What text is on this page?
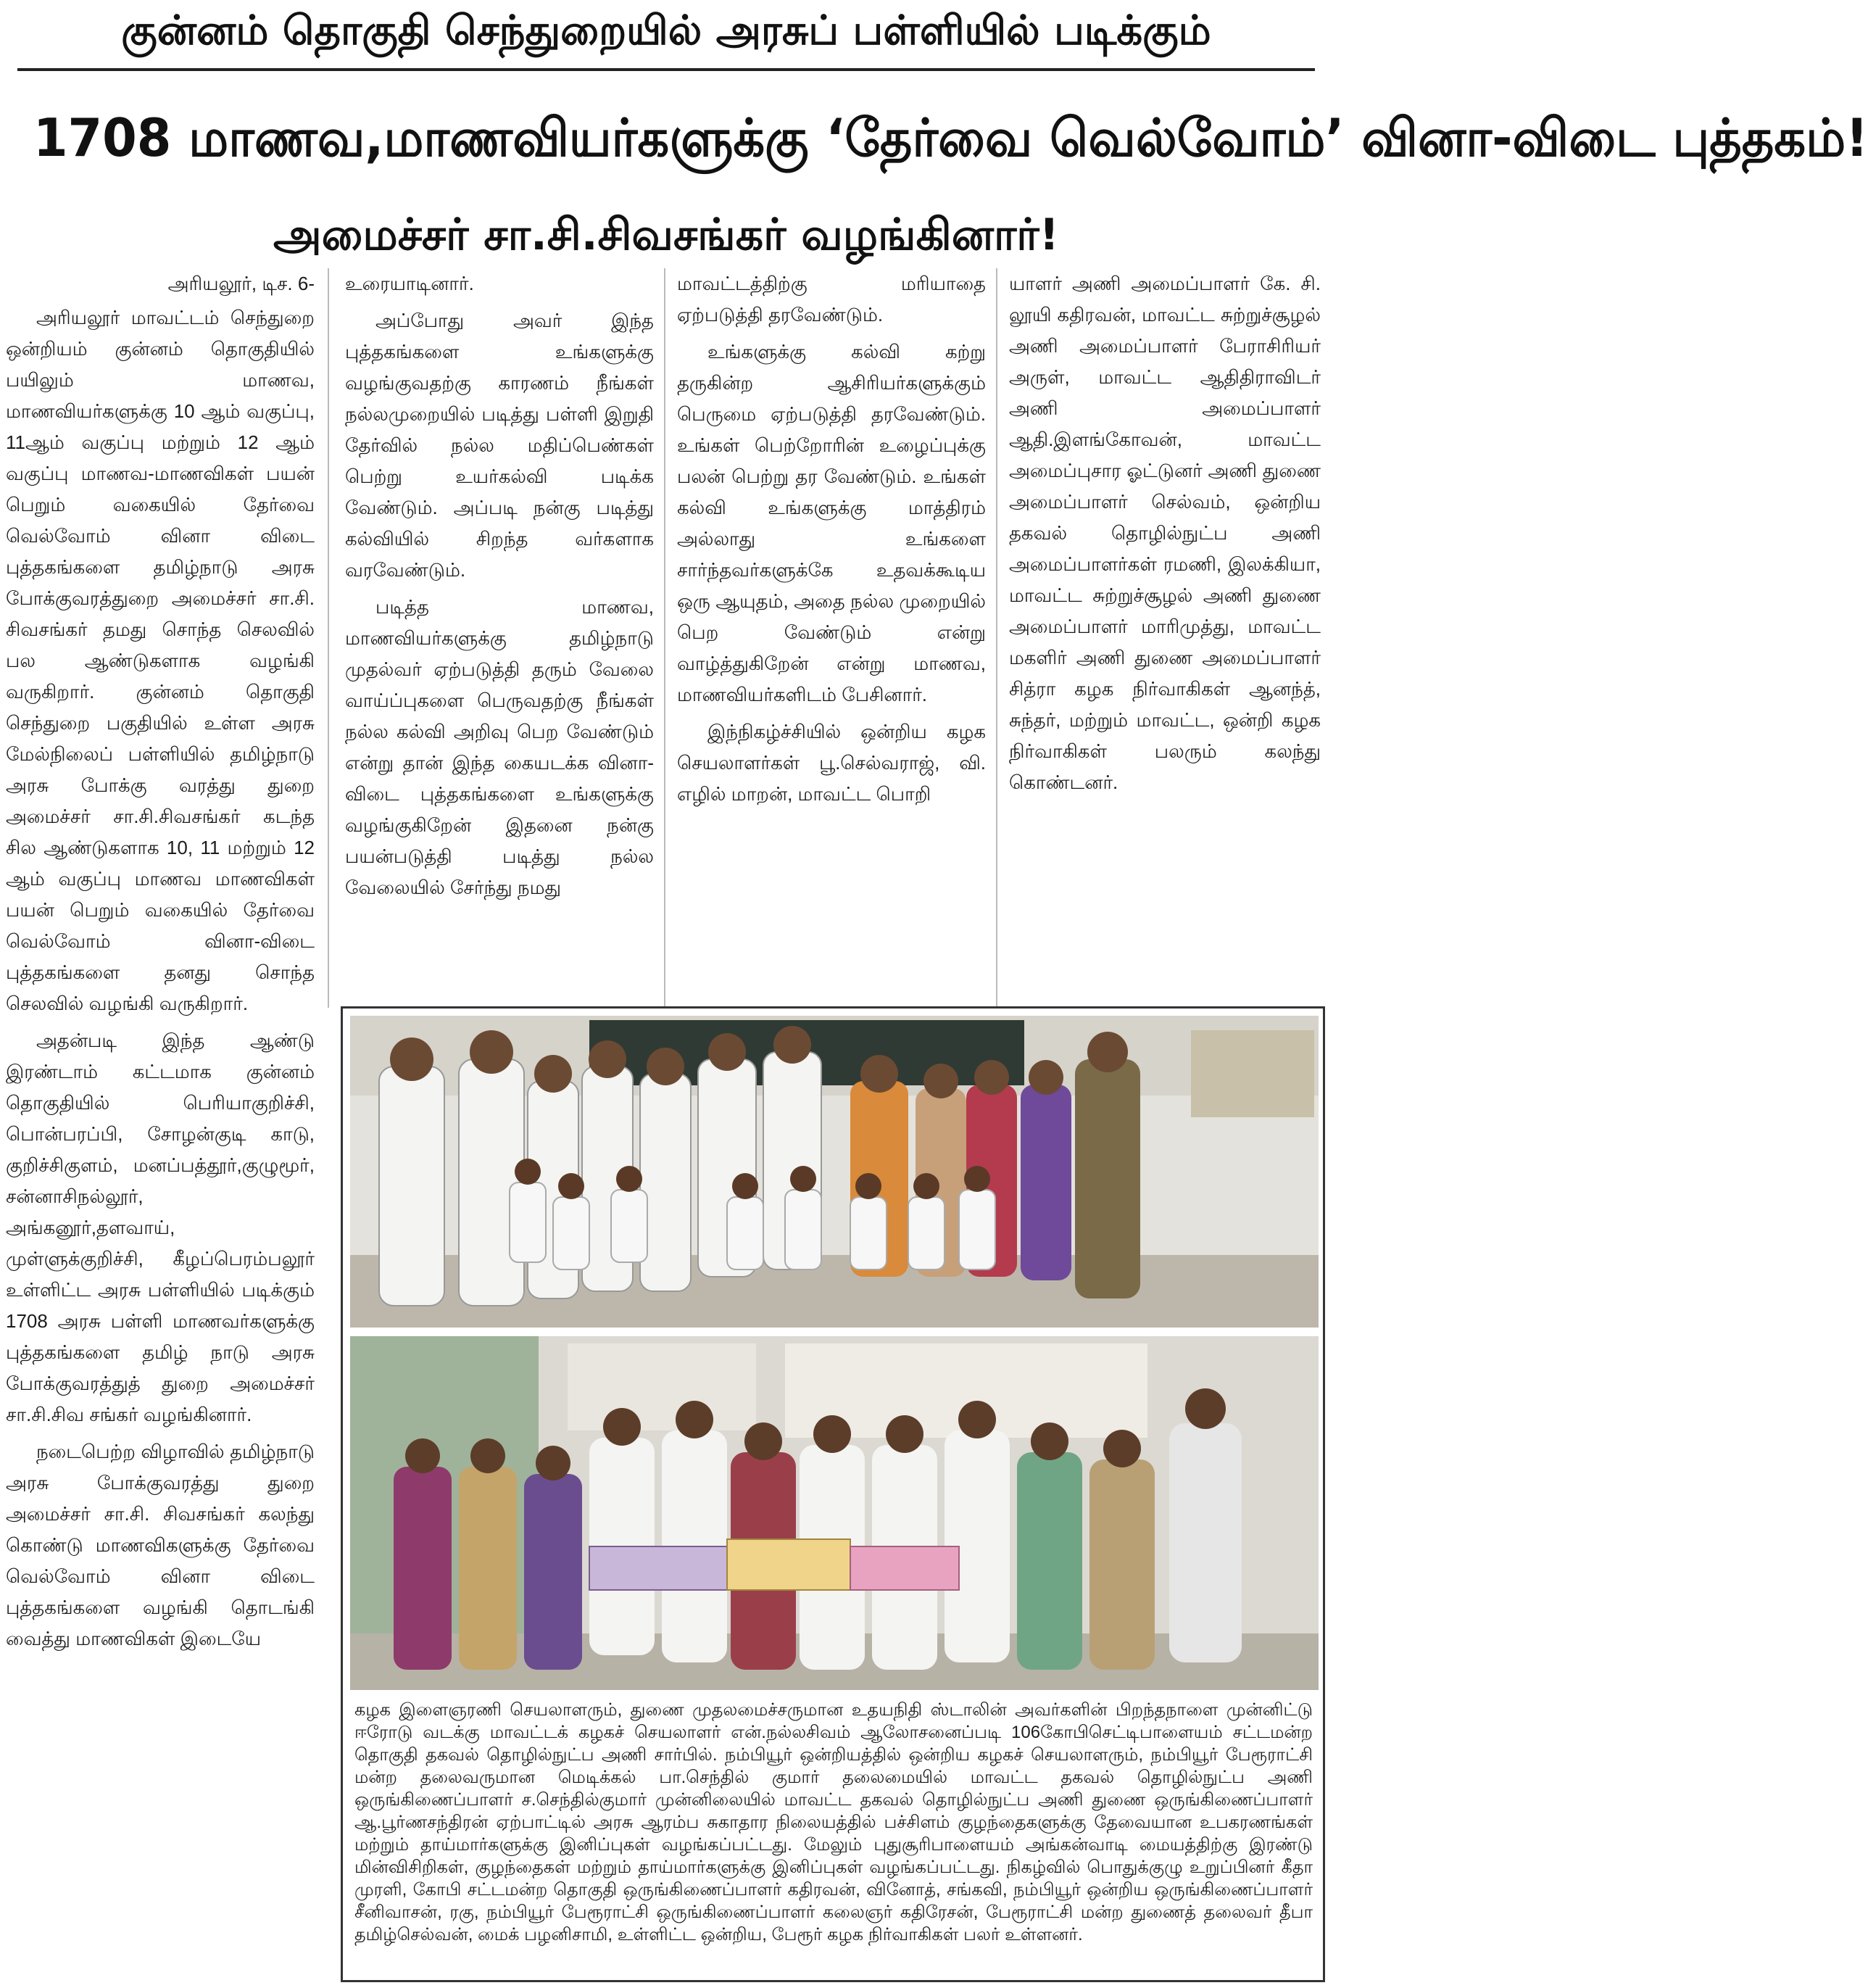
குன்னம் தொகுதி செந்துறையில் அரசுப் பள்ளியில் படிக்கும்
1708 மாணவ,மாணவியர்களுக்கு ‘தேர்வை வெல்வோம்’ வினா-விடை புத்தகம்!
அமைச்சர் சா.சி.சிவசங்கர் வழங்கினார்!

அரியலூர், டிச. 6-

அரியலூர் மாவட்டம் செந்துறை ஒன்றியம் குன்னம் தொகுதியில் பயிலும் மாணவ, மாணவியர்களுக்கு 10 ஆம் வகுப்பு, 11ஆம் வகுப்பு மற்றும் 12 ஆம் வகுப்பு மாணவ-மாணவிகள் பயன் பெறும் வகையில் தேர்வை வெல்வோம் வினா விடை புத்தகங்களை தமிழ்நாடு அரசு போக்குவரத்துறை அமைச்சர் சா.சி. சிவசங்கர் தமது சொந்த செலவில் பல ஆண்டுகளாக வழங்கி வருகிறார். குன்னம் தொகுதி செந்துறை பகுதியில் உள்ள அரசு மேல்நிலைப் பள்ளியில் தமிழ்நாடு அரசு போக்கு வரத்து துறை அமைச்சர் சா.சி.சிவசங்கர் கடந்த சில ஆண்டுகளாக 10, 11 மற்றும் 12 ஆம் வகுப்பு மாணவ மாணவிகள் பயன் பெறும் வகையில் தேர்வை வெல்வோம் வினா-விடை புத்தகங்களை தனது சொந்த செலவில் வழங்கி வருகிறார்.

அதன்படி இந்த ஆண்டு இரண்டாம் கட்டமாக குன்னம் தொகுதியில் பெரியாகுறிச்சி, பொன்பரப்பி, சோழன்குடி காடு, குறிச்சிகுளம், மனப்பத்தூர்,குழுமூர், சன்னாசிநல்லூர், அங்கனூர்,தளவாய், முள்ளுக்குறிச்சி, கீழப்பெரம்பலூர் உள்ளிட்ட அரசு பள்ளியில் படிக்கும் 1708 அரசு பள்ளி மாணவர்களுக்கு புத்தகங்களை தமிழ் நாடு அரசு போக்குவரத்துத் துறை அமைச்சர் சா.சி.சிவ சங்கர் வழங்கினார்.

நடைபெற்ற விழாவில் தமிழ்நாடு அரசு போக்குவரத்து துறை அமைச்சர் சா.சி. சிவசங்கர் கலந்து கொண்டு மாணவிகளுக்கு தேர்வை வெல்வோம் வினா விடை புத்தகங்களை வழங்கி தொடங்கி வைத்து மாணவிகள் இடையே

உரையாடினார்.

அப்போது அவர் இந்த புத்தகங்களை உங்களுக்கு வழங்குவதற்கு காரணம் நீங்கள் நல்லமுறையில் படித்து பள்ளி இறுதி தேர்வில் நல்ல மதிப்பெண்கள் பெற்று உயர்கல்வி படிக்க வேண்டும். அப்படி நன்கு படித்து கல்வியில் சிறந்த வர்களாக வரவேண்டும்.

படித்த மாணவ, மாணவியர்களுக்கு தமிழ்நாடு முதல்வர் ஏற்படுத்தி தரும் வேலை வாய்ப்புகளை பெருவதற்கு நீங்கள் நல்ல கல்வி அறிவு பெற வேண்டும் என்று தான் இந்த கையடக்க வினா-விடை புத்தகங்களை உங்களுக்கு வழங்குகிறேன் இதனை நன்கு பயன்படுத்தி படித்து நல்ல வேலையில் சேர்ந்து நமது

மாவட்டத்திற்கு மரியாதை ஏற்படுத்தி தரவேண்டும்.

உங்களுக்கு கல்வி கற்று தருகின்ற ஆசிரியர்களுக்கும் பெருமை ஏற்படுத்தி தரவேண்டும். உங்கள் பெற்றோரின் உழைப்புக்கு பலன் பெற்று தர வேண்டும். உங்கள் கல்வி உங்களுக்கு மாத்திரம் அல்லாது உங்களை சார்ந்தவர்களுக்கே உதவக்கூடிய ஒரு ஆயுதம், அதை நல்ல முறையில் பெற வேண்டும் என்று வாழ்த்துகிறேன் என்று மாணவ, மாணவியர்களிடம் பேசினார்.

இந்நிகழ்ச்சியில் ஒன்றிய கழக செயலாளர்கள் பூ.செல்வராஜ், வி. எழில் மாறன், மாவட்ட பொறி

யாளர் அணி அமைப்பாளர் கே. சி. லூயி கதிரவன், மாவட்ட சுற்றுச்சூழல் அணி அமைப்பாளர் பேராசிரியர் அருள், மாவட்ட ஆதிதிராவிடர் அணி அமைப்பாளர் ஆதி.இளங்கோவன், மாவட்ட அமைப்புசார ஓட்டுனர் அணி துணை அமைப்பாளர் செல்வம், ஒன்றிய தகவல் தொழில்நுட்ப அணி அமைப்பாளர்கள் ரமணி, இலக்கியா, மாவட்ட சுற்றுச்சூழல் அணி துணை அமைப்பாளர் மாரிமுத்து, மாவட்ட மகளிர் அணி துணை அமைப்பாளர் சித்ரா கழக நிர்வாகிகள் ஆனந்த், சுந்தர், மற்றும் மாவட்ட, ஒன்றி கழக நிர்வாகிகள் பலரும் கலந்து கொண்டனர்.

கழக இளைஞரணி செயலாளரும், துணை முதலமைச்சருமான உதயநிதி ஸ்டாலின் அவர்களின் பிறந்தநாளை முன்னிட்டு ஈரோடு வடக்கு மாவட்டக் கழகச் செயலாளர் என்.நல்லசிவம் ஆலோசனைப்படி 106கோபிசெட்டிபாளையம் சட்டமன்ற தொகுதி தகவல் தொழில்நுட்ப அணி சார்பில். நம்பியூர் ஒன்றியத்தில் ஒன்றிய கழகச் செயலாளரும், நம்பியூர் பேரூராட்சி மன்ற தலைவருமான மெடிக்கல் பா.செந்தில் குமார் தலைமையில் மாவட்ட தகவல் தொழில்நுட்ப அணி ஒருங்கிணைப்பாளர் ச.செந்தில்குமார் முன்னிலையில் மாவட்ட தகவல் தொழில்நுட்ப அணி துணை ஒருங்கிணைப்பாளர் ஆ.பூர்ணசந்திரன் ஏற்பாட்டில் அரசு ஆரம்ப சுகாதார நிலையத்தில் பச்சிளம் குழந்தைகளுக்கு தேவையான உபகரணங்கள் மற்றும் தாய்மார்களுக்கு இனிப்புகள் வழங்கப்பட்டது. மேலும் புதுசூரிபாளையம் அங்கன்வாடி மையத்திற்கு இரண்டு மின்விசிறிகள், குழந்தைகள் மற்றும் தாய்மார்களுக்கு இனிப்புகள் வழங்கப்பட்டது. நிகழ்வில் பொதுக்குழு உறுப்பினர் கீதா முரளி, கோபி சட்டமன்ற தொகுதி ஒருங்கிணைப்பாளர் கதிரவன், வினோத், சங்கவி, நம்பியூர் ஒன்றிய ஒருங்கிணைப்பாளர் சீனிவாசன், ரகு, நம்பியூர் பேரூராட்சி ஒருங்கிணைப்பாளர் கலைஞர் கதிரேசன், பேரூராட்சி மன்ற துணைத் தலைவர் தீபா தமிழ்செல்வன், மைக் பழனிசாமி, உள்ளிட்ட ஒன்றிய, பேரூர் கழக நிர்வாகிகள் பலர் உள்ளனர்.
